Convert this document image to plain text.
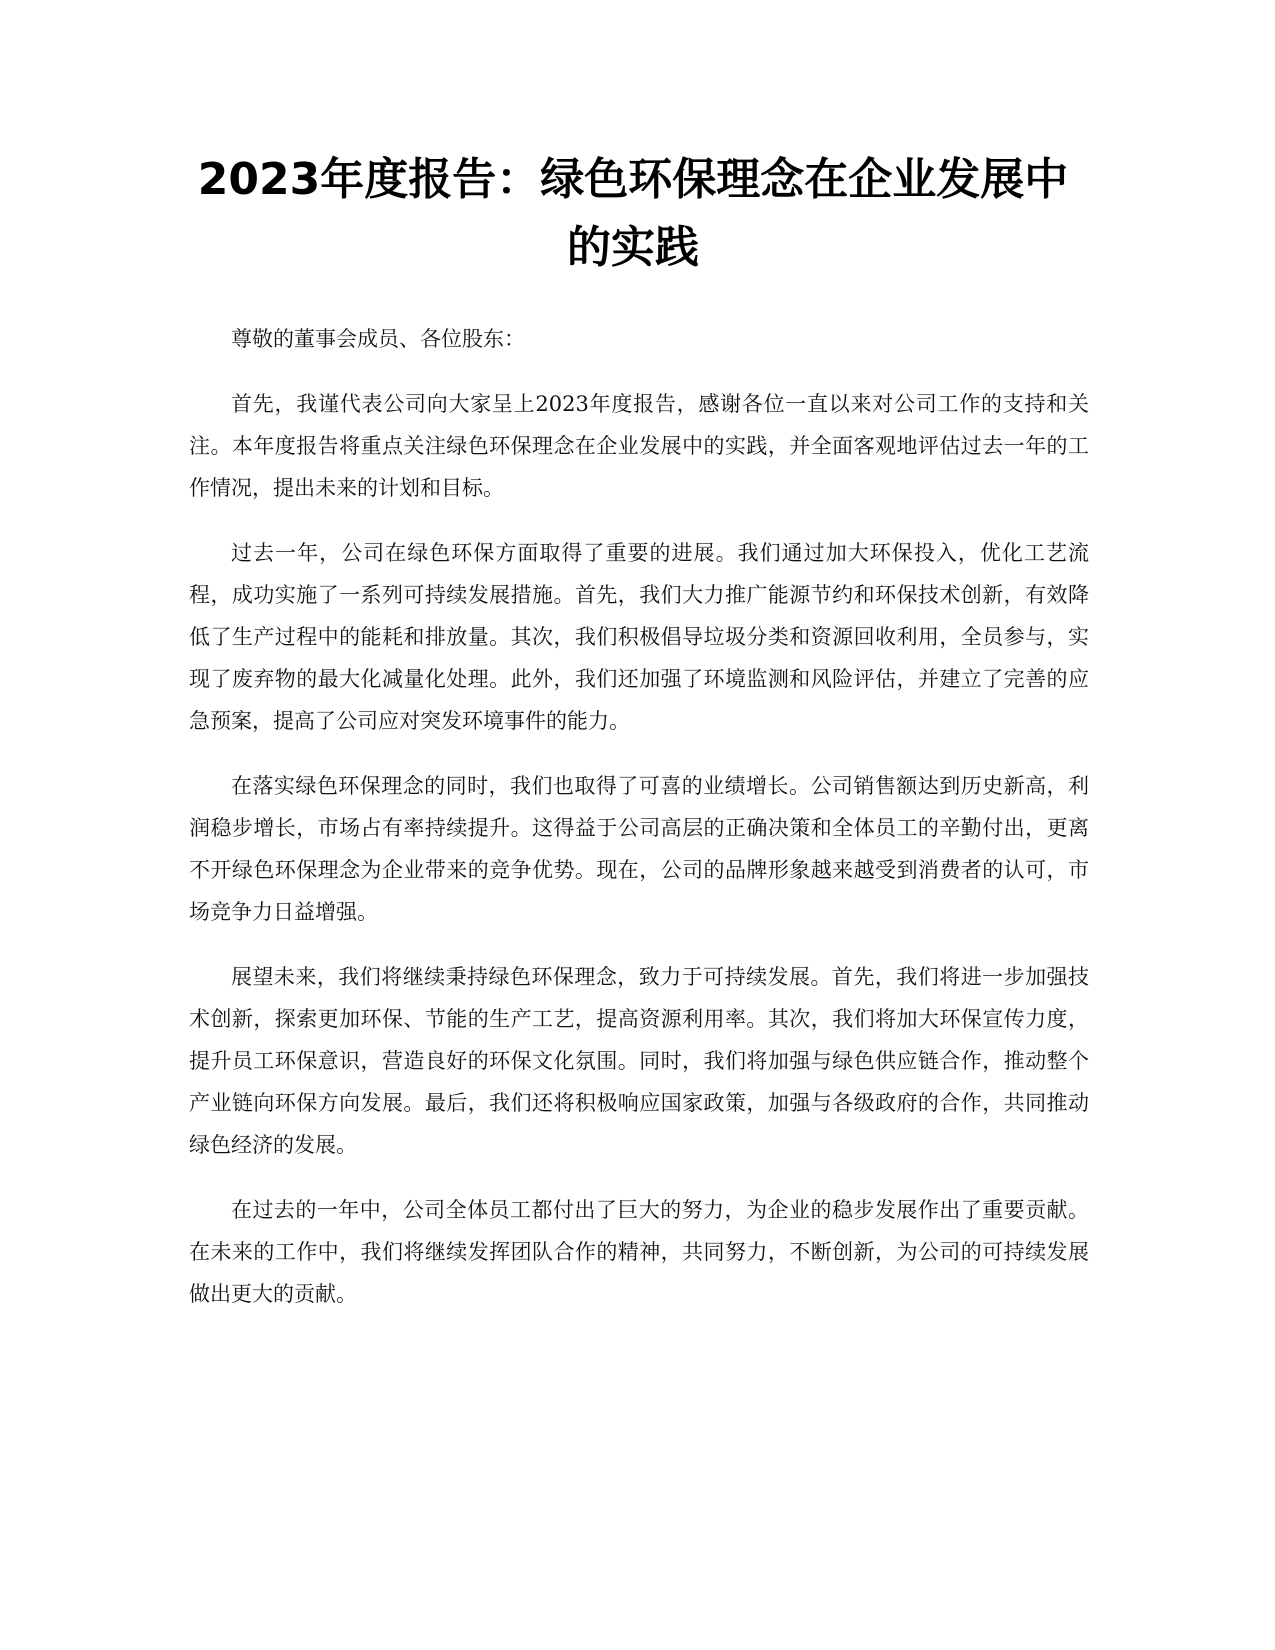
2023年度报告：绿色环保理念在企业发展中
的实践

尊敬的董事会成员、各位股东：

首先，我谨代表公司向大家呈上2023年度报告，感谢各位一直以来对公司工作的支持和关注。本年度报告将重点关注绿色环保理念在企业发展中的实践，并全面客观地评估过去一年的工作情况，提出未来的计划和目标。

过去一年，公司在绿色环保方面取得了重要的进展。我们通过加大环保投入，优化工艺流程，成功实施了一系列可持续发展措施。首先，我们大力推广能源节约和环保技术创新，有效降低了生产过程中的能耗和排放量。其次，我们积极倡导垃圾分类和资源回收利用，全员参与，实现了废弃物的最大化减量化处理。此外，我们还加强了环境监测和风险评估，并建立了完善的应急预案，提高了公司应对突发环境事件的能力。

在落实绿色环保理念的同时，我们也取得了可喜的业绩增长。公司销售额达到历史新高，利润稳步增长，市场占有率持续提升。这得益于公司高层的正确决策和全体员工的辛勤付出，更离不开绿色环保理念为企业带来的竞争优势。现在，公司的品牌形象越来越受到消费者的认可，市场竞争力日益增强。

展望未来，我们将继续秉持绿色环保理念，致力于可持续发展。首先，我们将进一步加强技术创新，探索更加环保、节能的生产工艺，提高资源利用率。其次，我们将加大环保宣传力度，提升员工环保意识，营造良好的环保文化氛围。同时，我们将加强与绿色供应链合作，推动整个产业链向环保方向发展。最后，我们还将积极响应国家政策，加强与各级政府的合作，共同推动绿色经济的发展。

在过去的一年中，公司全体员工都付出了巨大的努力，为企业的稳步发展作出了重要贡献。在未来的工作中，我们将继续发挥团队合作的精神，共同努力，不断创新，为公司的可持续发展做出更大的贡献。
